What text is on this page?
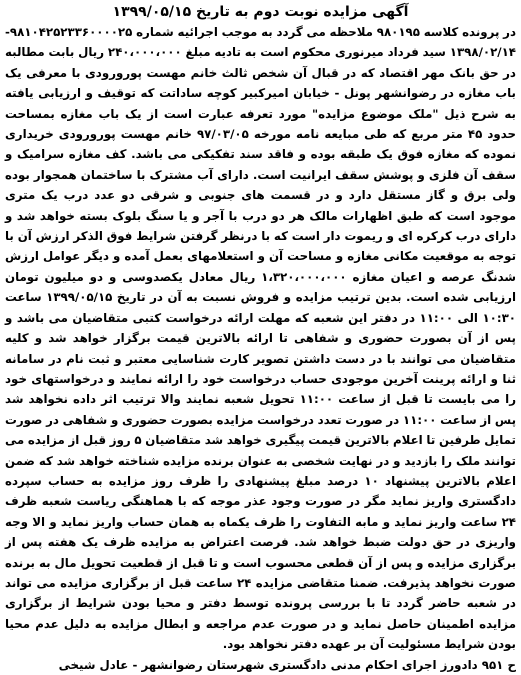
آگهی مزایده نوبت دوم به تاریخ ۱۳۹۹/۰۵/۱۵

در پرونده کلاسه ۹۸۰۱۹۵ ملاحظه می گردد به موجب اجرائیه شماره ۹۸۱۰۴۲۵۲۳۳۶۰۰۰۰۲۵- ۱۳۹۸/۰۲/۱۴ سید فرداد میرنوری محکوم است به تادیه مبلغ ۲۴۰،۰۰۰،۰۰۰ ریال بابت مطالبه در حق بانک مهر اقتصاد که در قبال آن شخص ثالث خانم مهست پورورودی با معرفی یک باب مغازه در رضوانشهر پونل - خیابان امیرکبیر کوچه ساداتت که توقیف و ارزیابی یافته به شرح ذیل "ملک موضوع مزایده" مورد تعرفه عبارت است از یک باب مغازه بمساحت حدود ۴۵ متر مربع که طی مبایعه نامه مورخه ۹۷/۰۳/۰۵ خانم مهست پورورودی خریداری نموده که مغازه فوق یک طبقه بوده و فاقد سند تفکیکی می باشد. کف مغازه سرامیک و سقف آن فلزی و پوشش سقف ایرانیت است. دارای آب مشترک با ساختمان همجوار بوده ولی برق و گاز مستقل دارد و در قسمت های جنوبی و شرقی دو عدد درب یک متری موجود است که طبق اظهارات مالک هر دو درب با آجر و یا سنگ بلوک بسته خواهد شد و دارای درب کرکره ای و ریموت دار است که با درنظر گرفتن شرایط فوق الذکر ارزش آن با توجه به موقعیت مکانی مغازه و مساحت آن و استعلامهای بعمل آمده و دیگر عوامل ارزش شدنگ عرصه و اعیان مغازه ۱،۳۲۰،۰۰۰،۰۰۰ ریال معادل یکصدوسی و دو میلیون تومان ارزیابی شده است. بدین ترتیب مزایده و فروش نسبت به آن در تاریخ ۱۳۹۹/۰۵/۱۵ ساعت ۱۰:۳۰ الی ۱۱:۰۰ در دفتر این شعبه که مهلت ارائه درخواست کتبی متقاضیان می باشد و پس از آن بصورت حضوری و شفاهی تا ارائه بالاترین قیمت برگزار خواهد شد و کلیه متقاضیان می توانند با در دست داشتن تصویر کارت شناسایی معتبر و ثبت نام در سامانه ثنا و ارائه پرینت آخرین موجودی حساب درخواست خود را ارائه نمایند و درخواستهای خود را می بایست تا قبل از ساعت ۱۱:۰۰ تحویل شعبه نمایند والا ترتیب اثر داده نخواهد شد پس از ساعت ۱۱:۰۰ در صورت تعدد درخواست مزایده بصورت حضوری و شفاهی در صورت تمایل طرفین تا اعلام بالاترین قیمت پیگیری خواهد شد متقاضیان ۵ روز قبل از مزایده می توانند ملک را بازدید و در نهایت شخصی به عنوان برنده مزایده شناخته خواهد شد که ضمن اعلام بالاترین پیشنهاد ۱۰ درصد مبلغ پیشنهادی را ظرف روز مزایده به حساب سپرده دادگستری واریز نماید مگر در صورت وجود عذر موجه که با هماهنگی ریاست شعبه ظرف ۲۴ ساعت واریز نماید و مابه التفاوت را ظرف یکماه به همان حساب واریز نماید و الا وجه واریزی در حق دولت ضبط خواهد شد. فرصت اعتراض به مزایده ظرف یک هفته پس از برگزاری مزایده و پس از آن قطعی محسوب است و تا قبل از قطعیت تحویل مال به برنده صورت نخواهد پذیرفت. ضمنا متقاضی مزایده ۲۴ ساعت قبل از برگزاری مزایده می تواند در شعبه حاضر گردد تا با بررسی پرونده توسط دفتر و محیا بودن شرایط از برگزاری مزایده اطمینان حاصل نماید و در صورت عدم مراجعه و ابطال مزایده به دلیل عدم محیا بودن شرایط مسئولیت آن بر عهده دفتر نخواهد بود.

ح ۹۵۱ دادورز اجرای احکام مدنی دادگستری شهرستان رضوانشهر - عادل شیخی
